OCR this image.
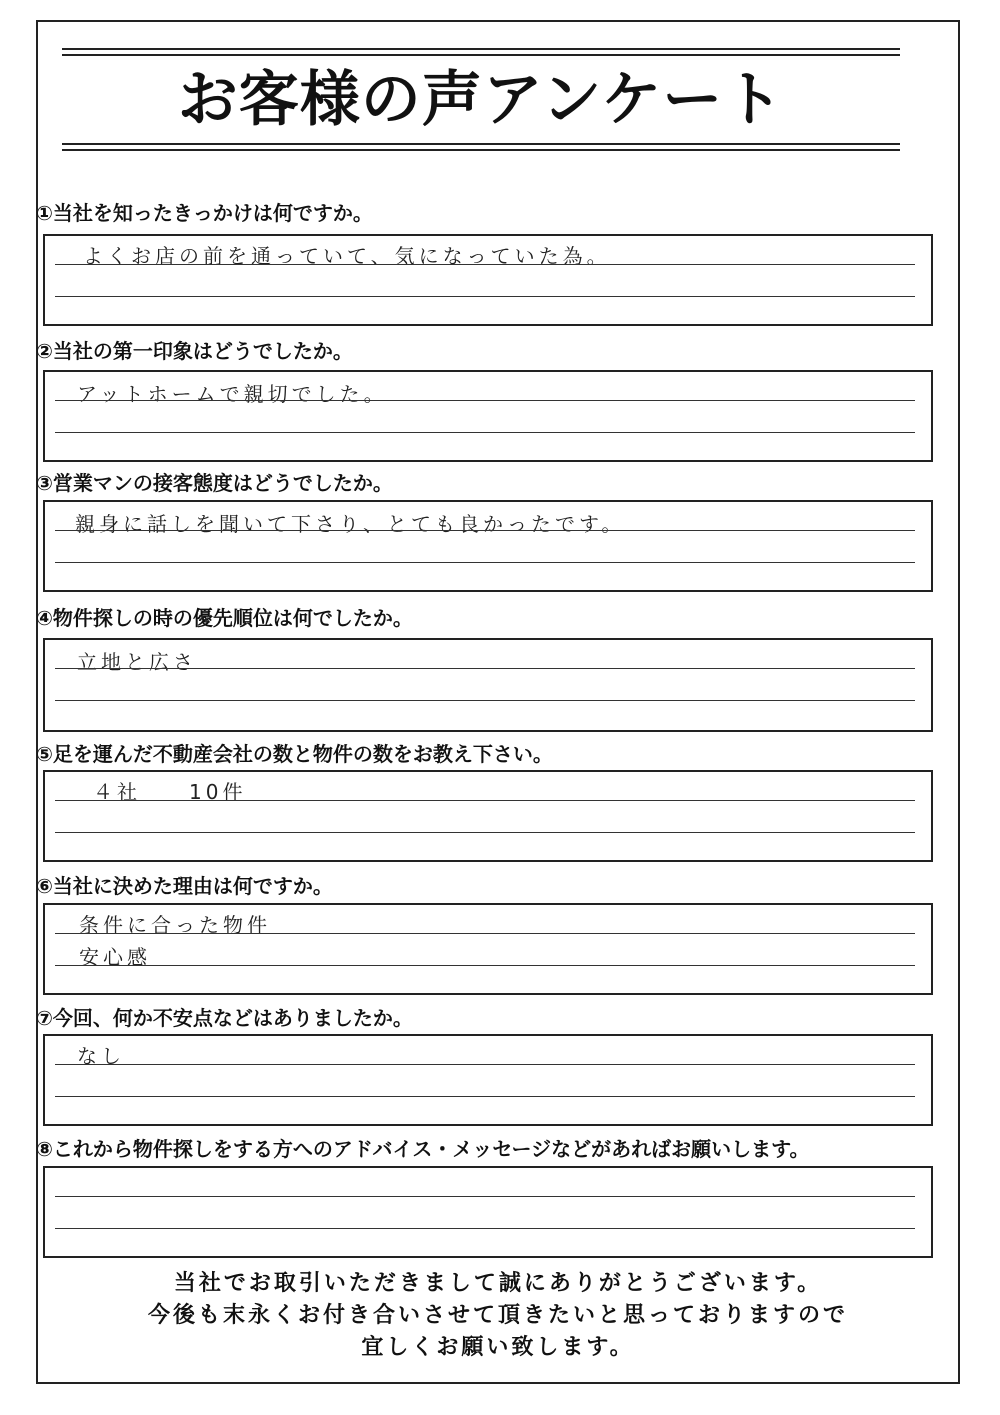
お客様の声アンケート
①当社を知ったきっかけは何ですか。
よくお店の前を通っていて、気になっていた為。
②当社の第一印象はどうでしたか。
アットホームで親切でした。
③営業マンの接客態度はどうでしたか。
親身に話しを聞いて下さり、とても良かったです。
④物件探しの時の優先順位は何でしたか。
立地と広さ
⑤足を運んだ不動産会社の数と物件の数をお教え下さい。
４社　　10件
⑥当社に決めた理由は何ですか。
条件に合った物件
安心感
⑦今回、何か不安点などはありましたか。
なし
⑧これから物件探しをする方へのアドバイス・メッセージなどがあればお願いします。
当社でお取引いただきまして誠にありがとうございます。
今後も末永くお付き合いさせて頂きたいと思っておりますので
宜しくお願い致します。
